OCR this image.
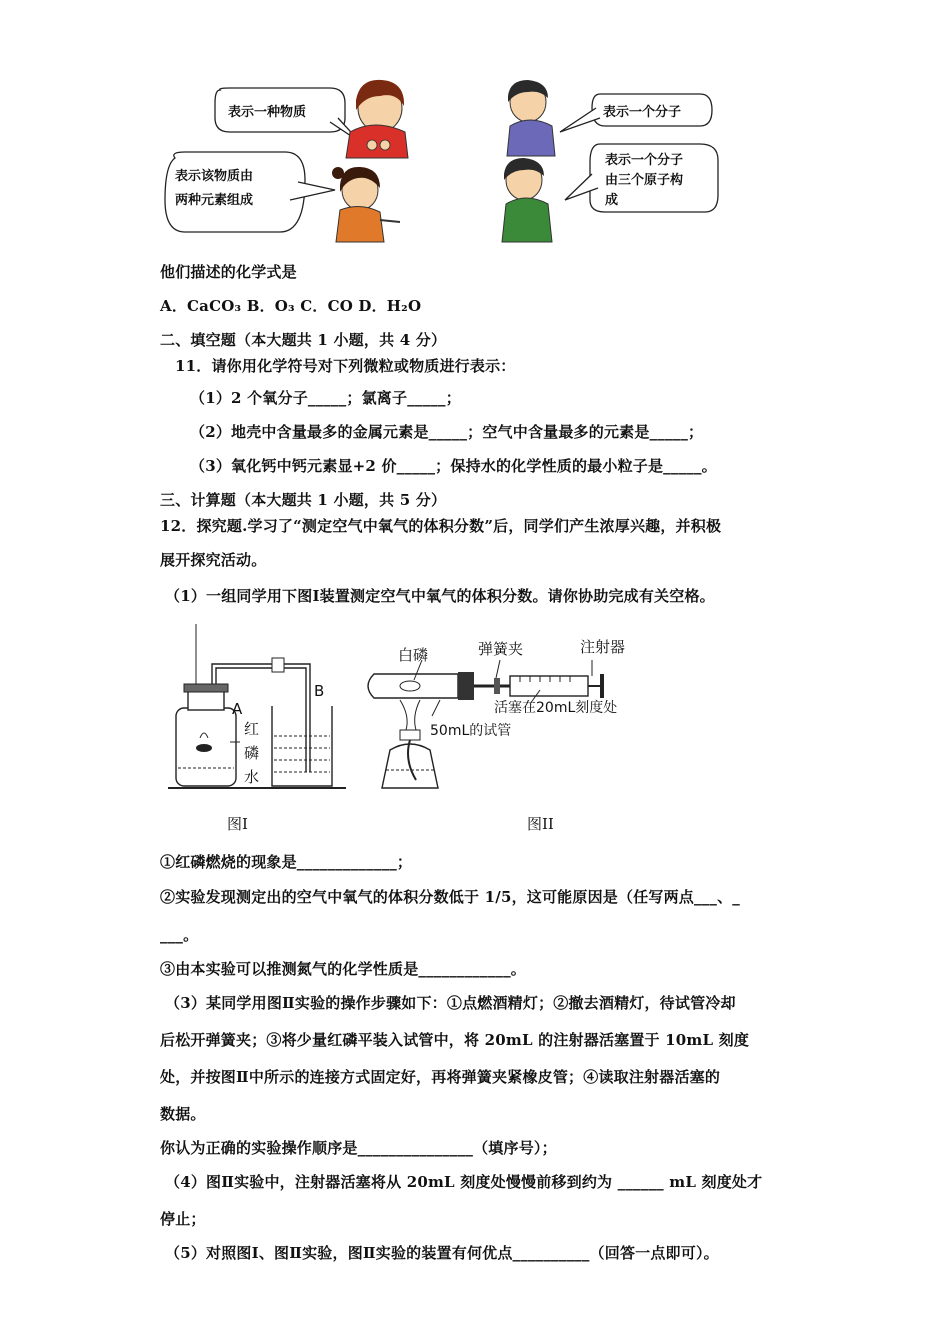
表示一种物质
表示该物质由
两种元素组成
表示一个分子
表示一个分子
由三个原子构
成
他们描述的化学式是
A．CaCO₃ B．O₃ C．CO D．H₂O
二、填空题（本大题共 1 小题，共 4 分）
11．请你用化学符号对下列微粒或物质进行表示：
（1）2 个氧分子_____；氯离子_____；
（2）地壳中含量最多的金属元素是_____；空气中含量最多的元素是_____；
（3）氧化钙中钙元素显+2 价_____；保持水的化学性质的最小粒子是_____。
三、计算题（本大题共 1 小题，共 5 分）
12．探究题.学习了“测定空气中氧气的体积分数”后，同学们产生浓厚兴趣，并积极
展开探究活动。
（1）一组同学用下图Ⅰ装置测定空气中氧气的体积分数。请你协助完成有关空格。
A
B
红
磷
水
白磷	弹簧夹	注射器
活塞在20mL刻度处
50mL的试管
图I	图II
①红磷燃烧的现象是_____________；
②实验发现测定出的空气中氧气的体积分数低于 1/5，这可能原因是（任写两点___、_
___。
③由本实验可以推测氮气的化学性质是____________。
（3）某同学用图Ⅱ实验的操作步骤如下：①点燃酒精灯；②撤去酒精灯，待试管冷却
后松开弹簧夹；③将少量红磷平装入试管中，将 20mL 的注射器活塞置于 10mL 刻度
处，并按图Ⅱ中所示的连接方式固定好，再将弹簧夹紧橡皮管；④读取注射器活塞的
数据。
你认为正确的实验操作顺序是_______________（填序号）；
（4）图Ⅱ实验中，注射器活塞将从 20mL 刻度处慢慢前移到约为 ______ mL 刻度处才
停止；
（5）对照图Ⅰ、图Ⅱ实验，图Ⅱ实验的装置有何优点__________（回答一点即可）。
